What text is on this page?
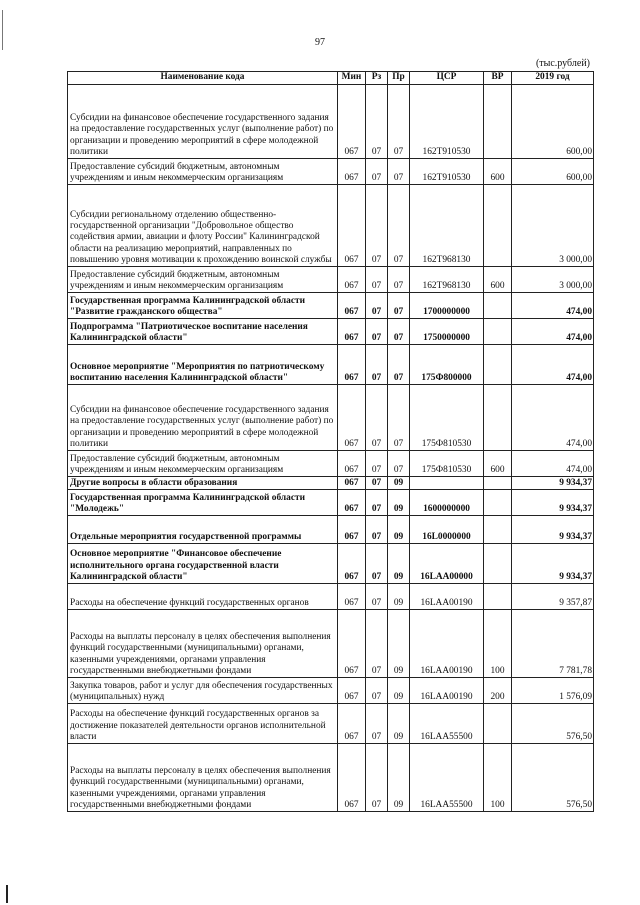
97
(тыс.рублей)
Наименование кода	Мин	Рз	Пр	ЦСР	ВР	2019 год
Субсидии на финансовое обеспечение государственного задания на предоставление государственных услуг (выполнение работ) по организации и проведению мероприятий в сфере молодежной политики	067	07	07	162Т910530		600,00
Предоставление субсидий бюджетным, автономным учреждениям и иным некоммерческим организациям	067	07	07	162Т910530	600	600,00
Субсидии региональному отделению общественно-государственной организации "Добровольное общество содействия армии, авиации и флоту России" Калининградской области на реализацию мероприятий, направленных по повышению уровня мотивации к прохождению воинской службы	067	07	07	162Т968130		3 000,00
Предоставление субсидий бюджетным, автономным учреждениям и иным некоммерческим организациям	067	07	07	162Т968130	600	3 000,00
Государственная программа Калининградской области "Развитие гражданского общества"	067	07	07	1700000000		474,00
Подпрограмма "Патриотическое воспитание населения Калининградской области"	067	07	07	1750000000		474,00
Основное мероприятие "Мероприятия по патриотическому воспитанию населения Калининградской области"	067	07	07	175Ф800000		474,00
Субсидии на финансовое обеспечение государственного задания на предоставление государственных услуг (выполнение работ) по организации и проведению мероприятий в сфере молодежной политики	067	07	07	175Ф810530		474,00
Предоставление субсидий бюджетным, автономным учреждениям и иным некоммерческим организациям	067	07	07	175Ф810530	600	474,00
Другие вопросы в области образования	067	07	09			9 934,37
Государственная программа Калининградской области "Молодежь"	067	07	09	1600000000		9 934,37
Отдельные мероприятия государственной программы	067	07	09	16L0000000		9 934,37
Основное мероприятие "Финансовое обеспечение исполнительного органа государственной власти Калининградской области"	067	07	09	16LAA00000		9 934,37
Расходы на обеспечение функций государственных органов	067	07	09	16LAA00190		9 357,87
Расходы на выплаты персоналу в целях обеспечения выполнения функций государственными (муниципальными) органами, казенными учреждениями, органами управления государственными внебюджетными фондами	067	07	09	16LAA00190	100	7 781,78
Закупка товаров, работ и услуг для обеспечения государственных (муниципальных) нужд	067	07	09	16LAA00190	200	1 576,09
Расходы на обеспечение функций государственных органов за достижение показателей деятельности органов исполнительной власти	067	07	09	16LAA55500		576,50
Расходы на выплаты персоналу в целях обеспечения выполнения функций государственными (муниципальными) органами, казенными учреждениями, органами управления государственными внебюджетными фондами	067	07	09	16LAA55500	100	576,50
